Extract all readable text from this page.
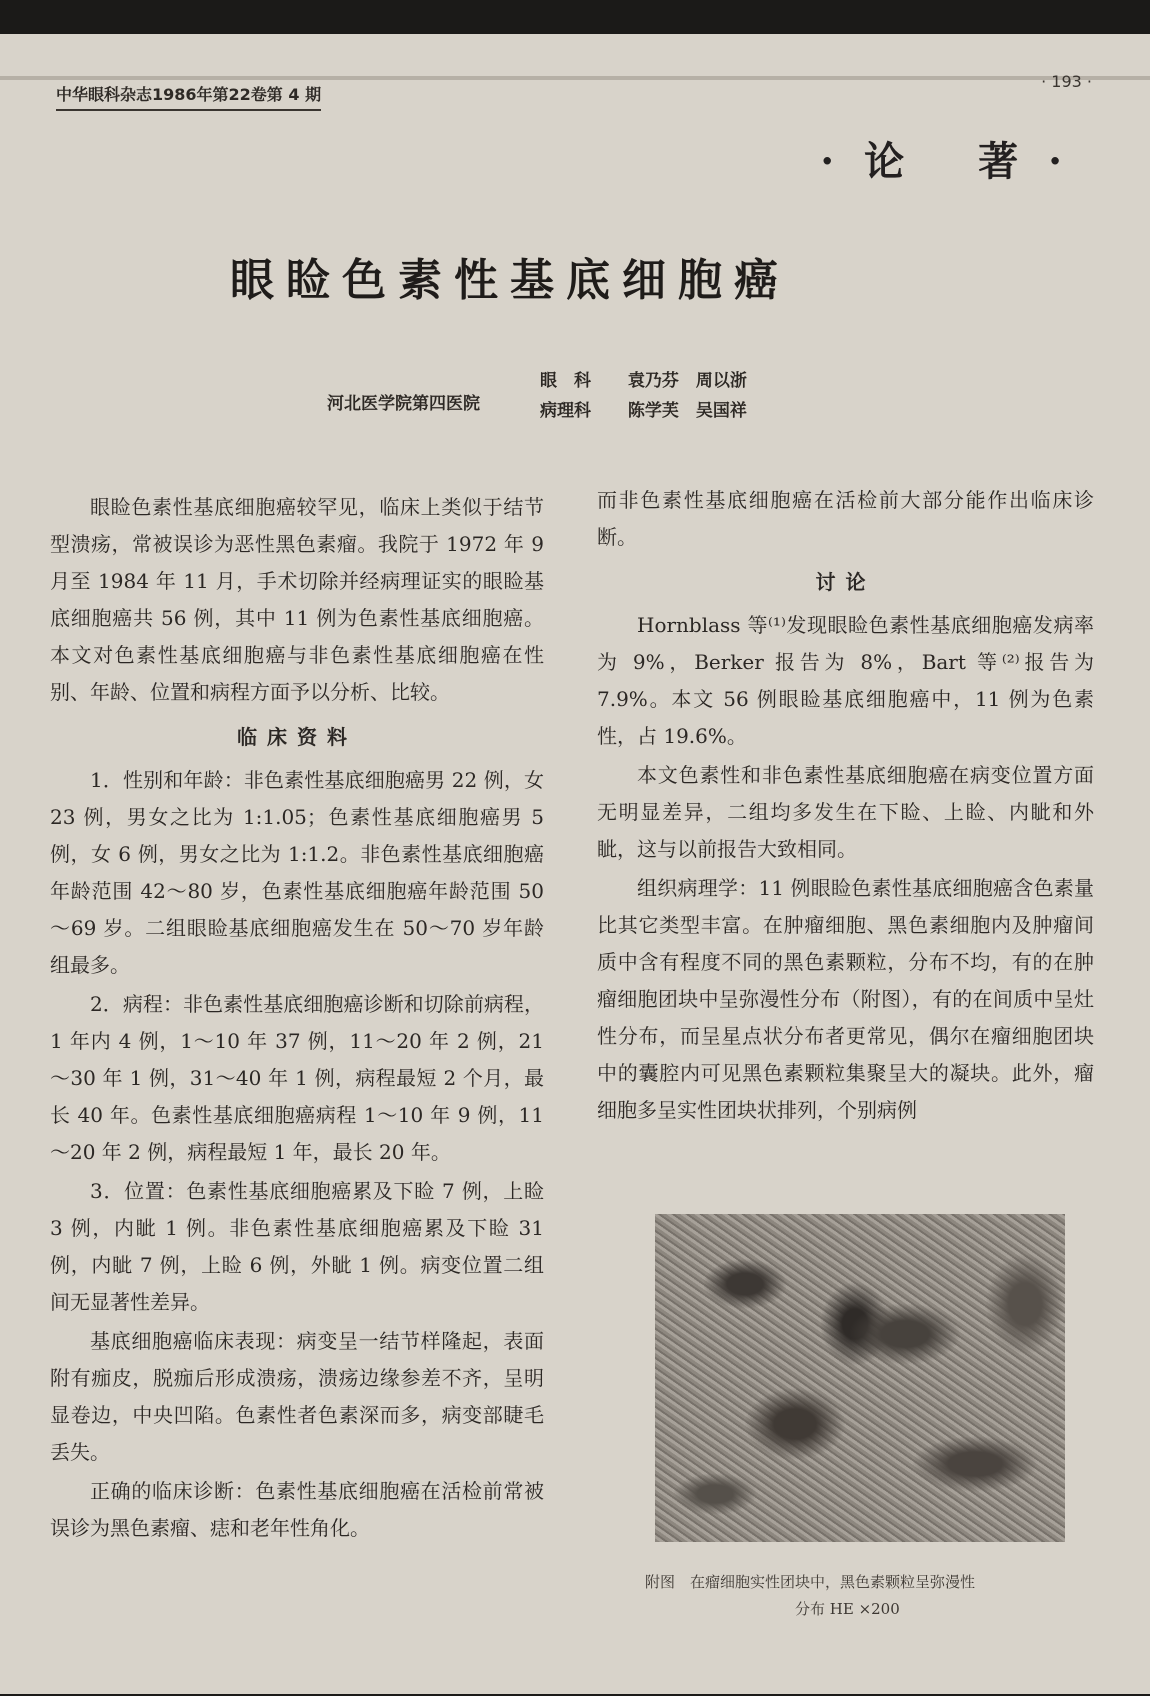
中华眼科杂志1986年第22卷第 4 期
· 193 ·
·论 著·
眼睑色素性基底细胞癌
河北医学院第四医院
眼　科 袁乃芬　周以浙
病理科 陈学芙　吴国祥

眼睑色素性基底细胞癌较罕见，临床上类似于结节型溃疡，常被误诊为恶性黑色素瘤。我院于 1972 年 9 月至 1984 年 11 月，手术切除并经病理证实的眼睑基底细胞癌共 56 例，其中 11 例为色素性基底细胞癌。本文对色素性基底细胞癌与非色素性基底细胞癌在性别、年龄、位置和病程方面予以分析、比较。

临床资料

1．性别和年龄：非色素性基底细胞癌男 22 例，女 23 例，男女之比为 1:1.05；色素性基底细胞癌男 5 例，女 6 例，男女之比为 1:1.2。非色素性基底细胞癌年龄范围 42～80 岁，色素性基底细胞癌年龄范围 50～69 岁。二组眼睑基底细胞癌发生在 50～70 岁年龄组最多。

2．病程：非色素性基底细胞癌诊断和切除前病程，1 年内 4 例，1～10 年 37 例，11～20 年 2 例，21～30 年 1 例，31～40 年 1 例，病程最短 2 个月，最长 40 年。色素性基底细胞癌病程 1～10 年 9 例，11～20 年 2 例，病程最短 1 年，最长 20 年。

3．位置：色素性基底细胞癌累及下睑 7 例，上睑 3 例，内眦 1 例。非色素性基底细胞癌累及下睑 31 例，内眦 7 例，上睑 6 例，外眦 1 例。病变位置二组间无显著性差异。

基底细胞癌临床表现：病变呈一结节样隆起，表面附有痂皮，脱痂后形成溃疡，溃疡边缘参差不齐，呈明显卷边，中央凹陷。色素性者色素深而多，病变部睫毛丢失。

正确的临床诊断：色素性基底细胞癌在活检前常被误诊为黑色素瘤、痣和老年性角化。

而非色素性基底细胞癌在活检前大部分能作出临床诊断。

讨论

Hornblass 等⁽¹⁾发现眼睑色素性基底细胞癌发病率为 9%，Berker 报告为 8%，Bart 等⁽²⁾报告为 7.9%。本文 56 例眼睑基底细胞癌中，11 例为色素性，占 19.6%。

本文色素性和非色素性基底细胞癌在病变位置方面无明显差异，二组均多发生在下睑、上睑、内眦和外眦，这与以前报告大致相同。

组织病理学：11 例眼睑色素性基底细胞癌含色素量比其它类型丰富。在肿瘤细胞、黑色素细胞内及肿瘤间质中含有程度不同的黑色素颗粒，分布不均，有的在肿瘤细胞团块中呈弥漫性分布（附图），有的在间质中呈灶性分布，而呈星点状分布者更常见，偶尔在瘤细胞团块中的囊腔内可见黑色素颗粒集聚呈大的凝块。此外，瘤细胞多呈实性团块状排列，个别病例

附图　在瘤细胞实性团块中，黑色素颗粒呈弥漫性
分布 HE ×200
